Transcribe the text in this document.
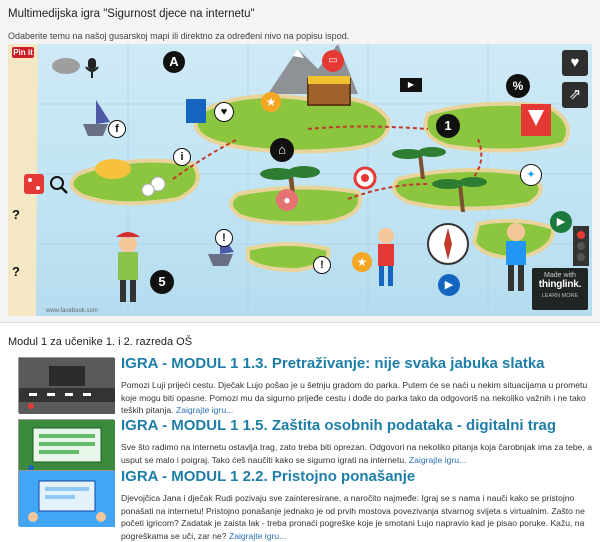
Multimedijska igra "Sigurnost djece na internetu"
Odaberite temu na našoj gusarskoj mapi ili direktno za određeni nivo na popisu ispod.
Pin it
A
1
5
%
i
!
!
?
?
f
♥
★
⌂
●
▶
▭
✦
▶
▶
★
♥
⇗
Made with
thinglink.
LEARN MORE
www.facebook.com
Modul 1 za učenike 1. i 2. razreda OŠ
IGRA - MODUL 1 1.3. Pretraživanje: nije svaka jabuka slatka
Pomozi Luji prijeći cestu. Dječak Lujo pošao je u šetnju gradom do parka. Putem će se naći u nekim situacijama u prometu koje mogu biti opasne. Pomozi mu da sigurno prijeđe cestu i dođe do parka tako da odgovoriš na nekoliko važnih i ne tako teških pitanja. Zaigrajte igru...
IGRA - MODUL 1 1.5. Zaštita osobnih podataka - digitalni trag
Sve što radimo na internetu ostavlja trag, zato treba biti oprezan. Odgovori na nekoliko pitanja koja čarobnjak ima za tebe, a usput se malo i poigraj. Tako ćeš naučiti kako se sigurno igrati na internetu. Zaigrajte igru...
IGRA - MODUL 1 2.2. Pristojno ponašanje
Djevojčica Jana i dječak Rudi pozivaju sve zainteresirane, a naročito najmeđe: Igraj se s nama i nauči kako se pristojno ponašati na internetu! Pristojno ponašanje jednako je od prvih mostova povezivanja stvarnog svijeta s virtualnim. Zašto ne početi igricom? Zadatak je zaista lak - treba pronaći pogreške koje je smotani Lujo napravio kad je pisao poruke. Kažu, na pogreškama se uči, zar ne? Zaigrajte igru...
